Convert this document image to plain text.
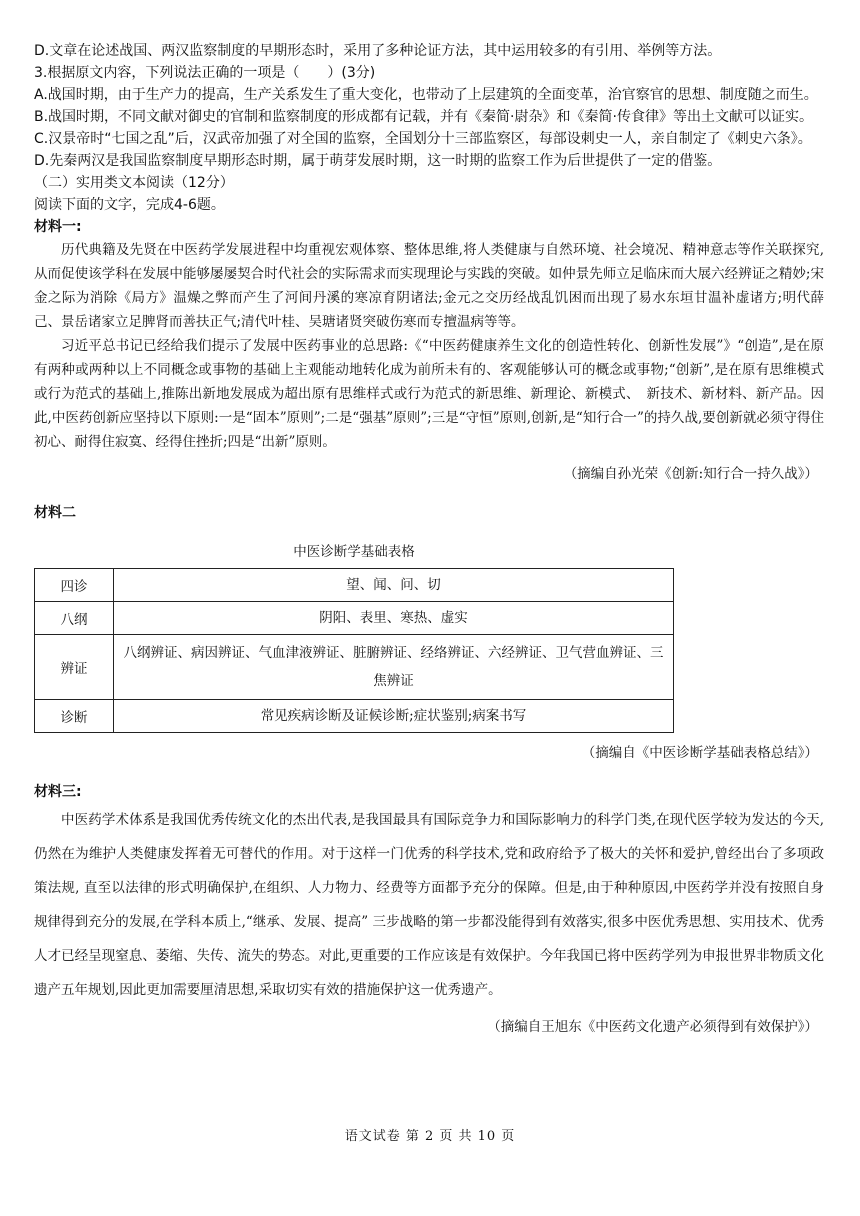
D.文章在论述战国、两汉监察制度的早期形态时，采用了多种论证方法，其中运用较多的有引用、举例等方法。

3.根据原文内容，下列说法正确的一项是（　　）(3分)

A.战国时期，由于生产力的提高，生产关系发生了重大变化，也带动了上层建筑的全面变革，治官察官的思想、制度随之而生。

B.战国时期，不同文献对御史的官制和监察制度的形成都有记载，并有《秦简·尉杂》和《秦简·传食律》等出土文献可以证实。

C.汉景帝时“七国之乱”后，汉武帝加强了对全国的监察，全国划分十三部监察区，每部设刺史一人，亲自制定了《刺史六条》。

D.先秦两汉是我国监察制度早期形态时期，属于萌芽发展时期，这一时期的监察工作为后世提供了一定的借鉴。

（二）实用类文本阅读（12分）

阅读下面的文字，完成4-6题。

材料一:

历代典籍及先贤在中医药学发展进程中均重视宏观体察、整体思维,将人类健康与自然环境、社会境况、精神意志等作关联探究,从而促使该学科在发展中能够屡屡契合时代社会的实际需求而实现理论与实践的突破。如仲景先师立足临床而大展六经辨证之精妙;宋金之际为消除《局方》温燥之弊而产生了河间丹溪的寒凉育阴诸法;金元之交历经战乱饥困而出现了易水东垣甘温补虚诸方;明代薛己、景岳诸家立足脾肾而善扶正气;清代叶桂、吴瑭诸贤突破伤寒而专擅温病等等。

习近平总书记已经给我们提示了发展中医药事业的总思路:《“中医药健康养生文化的创造性转化、创新性发展”》“创造”,是在原有两种或两种以上不同概念或事物的基础上主观能动地转化成为前所未有的、客观能够认可的概念或事物;“创新”,是在原有思维模式或行为范式的基础上,推陈出新地发展成为超出原有思维样式或行为范式的新思维、新理论、新模式、　新技术、新材料、新产品。因此,中医药创新应坚持以下原则:一是“固本”原则”;二是“强基”原则”;三是“守恒”原则,创新,是“知行合一”的持久战,要创新就必须守得住初心、耐得住寂寞、经得住挫折;四是“出新”原则。

（摘编自孙光荣《创新:知行合一持久战》）

材料二

中医诊断学基础表格
四诊	望、闻、问、切
八纲	阴阳、表里、寒热、虚实
辨证	八纲辨证、病因辨证、气血津液辨证、脏腑辨证、经络辨证、六经辨证、卫气营血辨证、三焦辨证
诊断	常见疾病诊断及证候诊断;症状鉴别;病案书写

（摘编自《中医诊断学基础表格总结》）

材料三:

中医药学术体系是我国优秀传统文化的杰出代表,是我国最具有国际竞争力和国际影响力的科学门类,在现代医学较为发达的今天,仍然在为维护人类健康发挥着无可替代的作用。对于这样一门优秀的科学技术,党和政府给予了极大的关怀和爱护,曾经出台了多项政策法规, 直至以法律的形式明确保护,在组织、人力物力、经费等方面都予充分的保障。但是,由于种种原因,中医药学并没有按照自身规律得到充分的发展,在学科本质上,“继承、发展、提高” 三步战略的第一步都没能得到有效落实,很多中医优秀思想、实用技术、优秀人才已经呈现窒息、萎缩、失传、流失的势态。对此,更重要的工作应该是有效保护。今年我国已将中医药学列为申报世界非物质文化遗产五年规划,因此更加需要厘清思想,采取切实有效的措施保护这一优秀遗产。

（摘编自王旭东《中医药文化遗产必须得到有效保护》）

语文试卷 第 2 页 共 10 页
